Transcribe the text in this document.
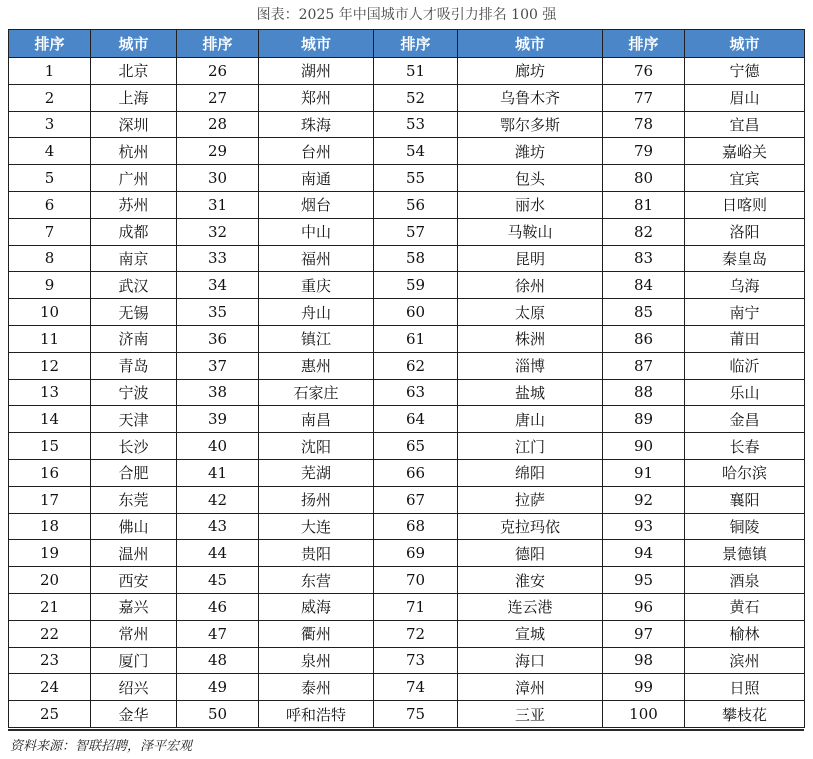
图表：2025 年中国城市人才吸引力排名 100 强
排序	城市	排序	城市	排序	城市	排序	城市
1	北京	26	湖州	51	廊坊	76	宁德
2	上海	27	郑州	52	乌鲁木齐	77	眉山
3	深圳	28	珠海	53	鄂尔多斯	78	宜昌
4	杭州	29	台州	54	潍坊	79	嘉峪关
5	广州	30	南通	55	包头	80	宜宾
6	苏州	31	烟台	56	丽水	81	日喀则
7	成都	32	中山	57	马鞍山	82	洛阳
8	南京	33	福州	58	昆明	83	秦皇岛
9	武汉	34	重庆	59	徐州	84	乌海
10	无锡	35	舟山	60	太原	85	南宁
11	济南	36	镇江	61	株洲	86	莆田
12	青岛	37	惠州	62	淄博	87	临沂
13	宁波	38	石家庄	63	盐城	88	乐山
14	天津	39	南昌	64	唐山	89	金昌
15	长沙	40	沈阳	65	江门	90	长春
16	合肥	41	芜湖	66	绵阳	91	哈尔滨
17	东莞	42	扬州	67	拉萨	92	襄阳
18	佛山	43	大连	68	克拉玛依	93	铜陵
19	温州	44	贵阳	69	德阳	94	景德镇
20	西安	45	东营	70	淮安	95	酒泉
21	嘉兴	46	威海	71	连云港	96	黄石
22	常州	47	衢州	72	宣城	97	榆林
23	厦门	48	泉州	73	海口	98	滨州
24	绍兴	49	泰州	74	漳州	99	日照
25	金华	50	呼和浩特	75	三亚	100	攀枝花
资料来源：智联招聘，泽平宏观
